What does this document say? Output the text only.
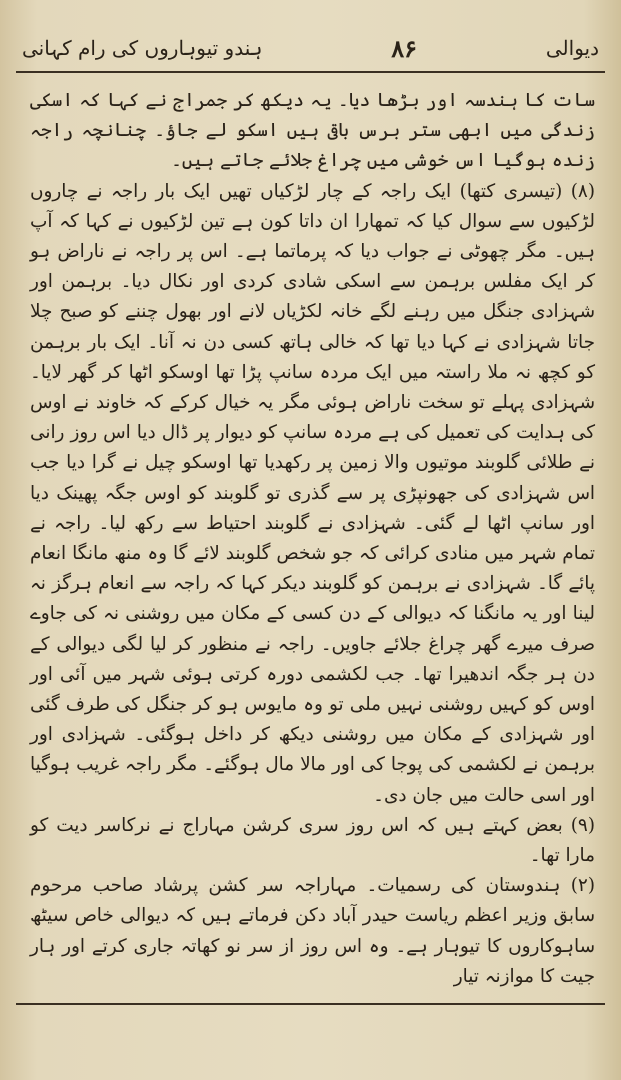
دیوالی
۸۶
ہندو تیوہاروں کی رام کہانی

سات کا ہندسہ اور بڑھا دیا۔ یہ دیکھ کر جمراج نے کہا کہ اسکی زندگی میں ابھی ستر برس باقی ہیں اسکو لے جاؤ۔ چنانچہ راجہ زندہ ہوگیا اس خوشی میں چراغ جلائے جاتے ہیں۔

(۸) (تیسری کتھا) ایک راجہ کے چار لڑکیاں تھیں ایک بار راجہ نے چاروں لڑکیوں سے سوال کیا کہ تمھارا ان داتا کون ہے تین لڑکیوں نے کہا کہ آپ ہیں۔ مگر چھوٹی نے جواب دیا کہ پرماتما ہے۔ اس پر راجہ نے ناراض ہو کر ایک مفلس برہمن سے اسکی شادی کردی اور نکال دیا۔ برہمن اور شہزادی جنگل میں رہنے لگے خانہ لکڑیاں لانے اور بھول چننے کو صبح چلا جاتا شہزادی نے کہا دیا تھا کہ خالی ہاتھ کسی دن نہ آنا۔ ایک بار برہمن کو کچھ نہ ملا راستہ میں ایک مردہ سانپ پڑا تھا اوسکو اٹھا کر گھر لایا۔ شہزادی پہلے تو سخت ناراض ہوئی مگر یہ خیال کرکے کہ خاوند نے اوس کی ہدایت کی تعمیل کی ہے مردہ سانپ کو دیوار پر ڈال دیا اس روز رانی نے طلائی گلوبند موتیوں والا زمین پر رکھدیا تھا اوسکو چیل نے گرا دیا جب اس شہزادی کی جھونپڑی پر سے گذری تو گلوبند کو اوس جگہ پھینک دیا اور سانپ اٹھا لے گئی۔ شہزادی نے گلوبند احتیاط سے رکھ لیا۔ راجہ نے تمام شہر میں منادی کرائی کہ جو شخص گلوبند لائے گا وہ منھ مانگا انعام پائے گا۔ شہزادی نے برہمن کو گلوبند دیکر کہا کہ راجہ سے انعام ہرگز نہ لینا اور یہ مانگنا کہ دیوالی کے دن کسی کے مکان میں روشنی نہ کی جاوے صرف میرے گھر چراغ جلائے جاویں۔ راجہ نے منظور کر لیا لگی دیوالی کے دن ہر جگہ اندھیرا تھا۔ جب لکشمی دورہ کرتی ہوئی شہر میں آئی اور اوس کو کہیں روشنی نہیں ملی تو وہ مایوس ہو کر جنگل کی طرف گئی اور شہزادی کے مکان میں روشنی دیکھ کر داخل ہوگئی۔ شہزادی اور برہمن نے لکشمی کی پوجا کی اور مالا مال ہوگئے۔ مگر راجہ غریب ہوگیا اور اسی حالت میں جان دی۔

(۹) بعض کہتے ہیں کہ اس روز سری کرشن مہاراج نے نرکاسر دیت کو مارا تھا۔

(۲) ہندوستان کی رسمیات۔ مہاراجہ سر کشن پرشاد صاحب مرحوم سابق وزیر اعظم ریاست حیدر آباد دکن فرماتے ہیں کہ دیوالی خاص سیٹھ ساہوکاروں کا تیوہار ہے۔ وہ اس روز از سر نو کھاتہ جاری کرتے اور ہار جیت کا موازنہ تیار
